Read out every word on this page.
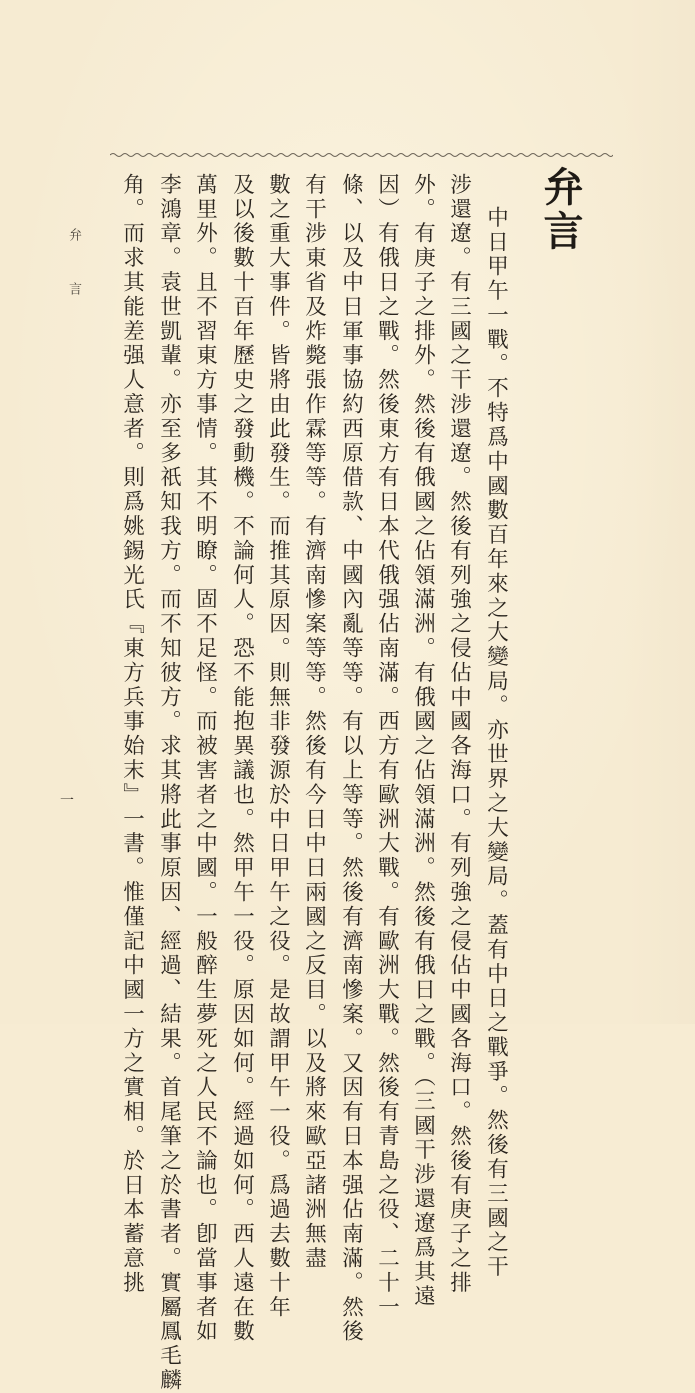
弁言
中日甲午一戰。不特爲中國數百年來之大變局。亦世界之大變局。蓋有中日之戰爭。然後有三國之干
涉還遼。有三國之干涉還遼。然後有列強之侵佔中國各海口。有列強之侵佔中國各海口。然後有庚子之排
外。有庚子之排外。然後有俄國之佔領滿洲。有俄國之佔領滿洲。然後有俄日之戰。（三國干涉還遼爲其遠
因）有俄日之戰。然後東方有日本代俄强佔南滿。西方有歐洲大戰。有歐洲大戰。然後有青島之役、二十一
條、以及中日軍事協約西原借款、中國內亂等等。有以上等等。然後有濟南慘案。又因有日本强佔南滿。然後
有干涉東省及炸斃張作霖等等。有濟南慘案等等。然後有今日中日兩國之反目。以及將來歐亞諸洲無盡
數之重大事件。皆將由此發生。而推其原因。則無非發源於中日甲午之役。是故謂甲午一役。爲過去數十年
及以後數十百年歷史之發動機。不論何人。恐不能抱異議也。然甲午一役。原因如何。經過如何。西人遠在數
萬里外。且不習東方事情。其不明瞭。固不足怪。而被害者之中國。一般醉生夢死之人民不論也。卽當事者如
李鴻章。袁世凱輩。亦至多祇知我方。而不知彼方。求其將此事原因、經過、結果。首尾筆之於書者。實屬鳳毛麟
角。而求其能差强人意者。則爲姚錫光氏『東方兵事始末』一書。惟僅記中國一方之實相。於日本蓄意挑
弁　言
一
